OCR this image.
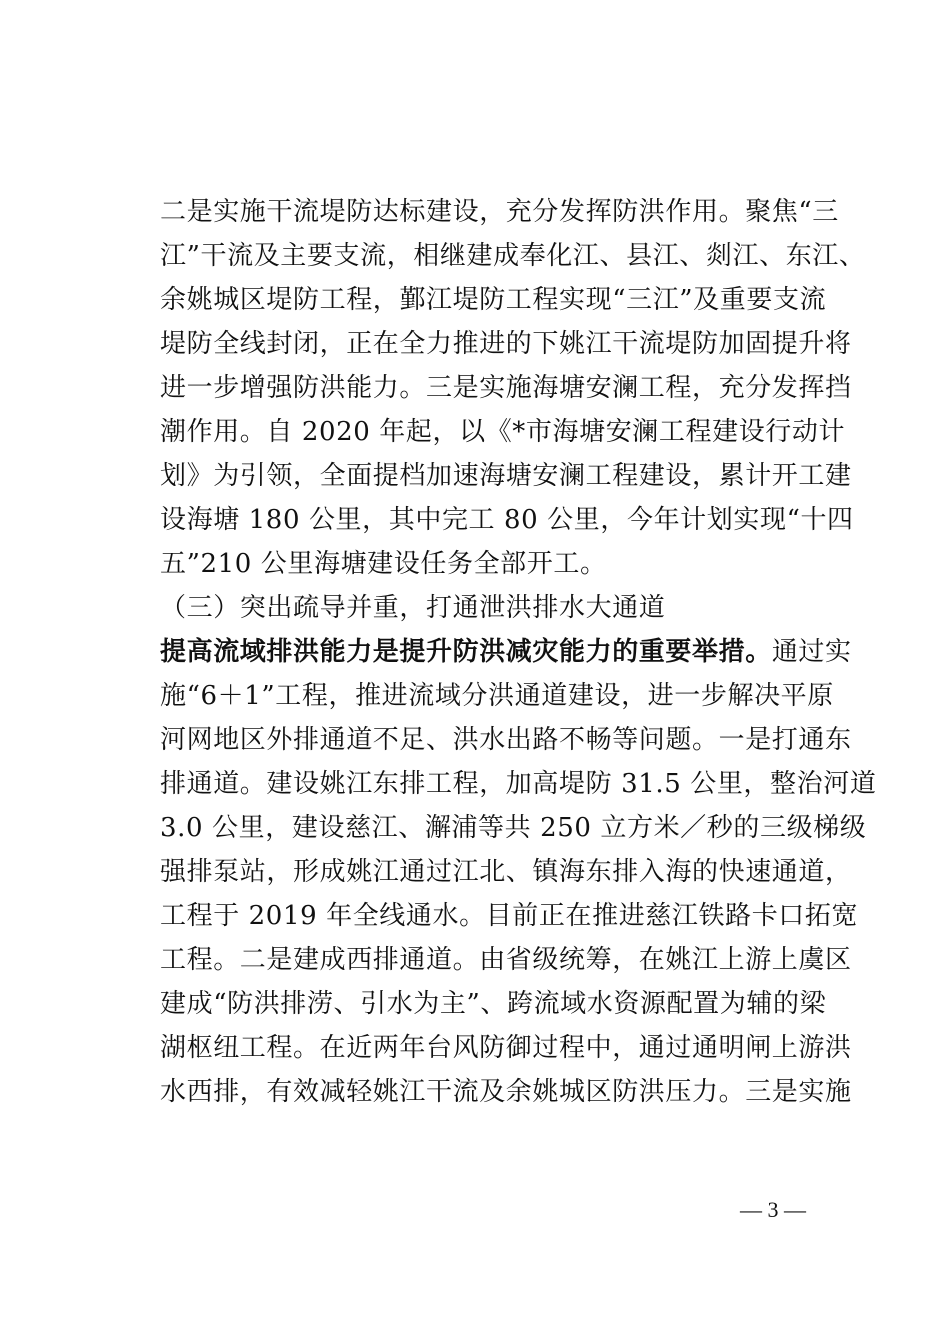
二是实施干流堤防达标建设，充分发挥防洪作用。聚焦“三
江”干流及主要支流，相继建成奉化江、县江、剡江、东江、
余姚城区堤防工程，鄞江堤防工程实现“三江”及重要支流
堤防全线封闭，正在全力推进的下姚江干流堤防加固提升将
进一步增强防洪能力。三是实施海塘安澜工程，充分发挥挡
潮作用。自 2020 年起，以《*市海塘安澜工程建设行动计
划》为引领，全面提档加速海塘安澜工程建设，累计开工建
设海塘 180 公里，其中完工 80 公里，今年计划实现“十四
五”210 公里海塘建设任务全部开工。
（三）突出疏导并重，打通泄洪排水大通道
提高流域排洪能力是提升防洪减灾能力的重要举措。通过实
施“6＋1”工程，推进流域分洪通道建设，进一步解决平原
河网地区外排通道不足、洪水出路不畅等问题。一是打通东
排通道。建设姚江东排工程，加高堤防 31.5 公里，整治河道
3.0 公里，建设慈江、澥浦等共 250 立方米／秒的三级梯级
强排泵站，形成姚江通过江北、镇海东排入海的快速通道，
工程于 2019 年全线通水。目前正在推进慈江铁路卡口拓宽
工程。二是建成西排通道。由省级统筹，在姚江上游上虞区
建成“防洪排涝、引水为主”、跨流域水资源配置为辅的梁
湖枢纽工程。在近两年台风防御过程中，通过通明闸上游洪
水西排，有效减轻姚江干流及余姚城区防洪压力。三是实施
— 3 —
